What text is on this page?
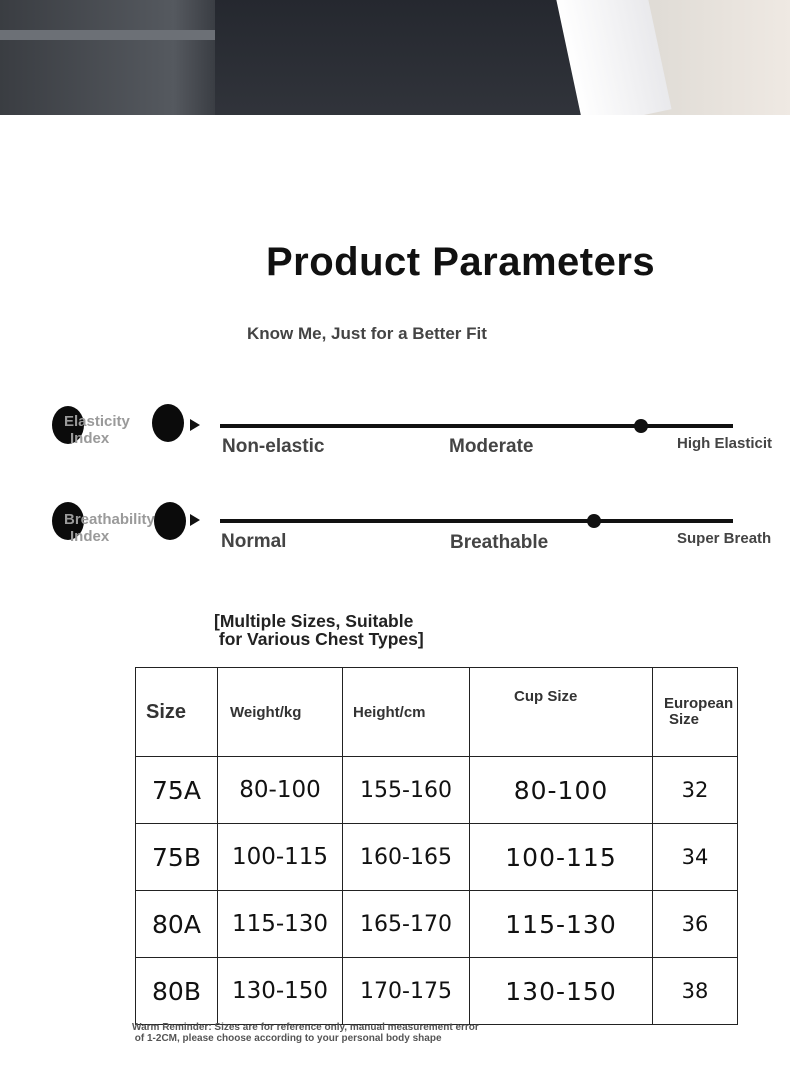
Product Parameters
Know Me, Just for a Better Fit
Elasticity
Index	Non-elastic	Moderate	High Elasticit
Breathability
Index	Normal	Breathable	Super Breath
[Multiple Sizes, Suitable
for Various Chest Types]
Size	Weight/kg	Height/cm	Cup Size	European
Size

75A	80-100	155-160	80-100	32
75B	100-115	160-165	100-115	34
80A	115-130	165-170	115-130	36
80B	130-150	170-175	130-150	38
Warm Reminder: Sizes are for reference only, manual measurement error
of 1-2CM, please choose according to your personal body shape
